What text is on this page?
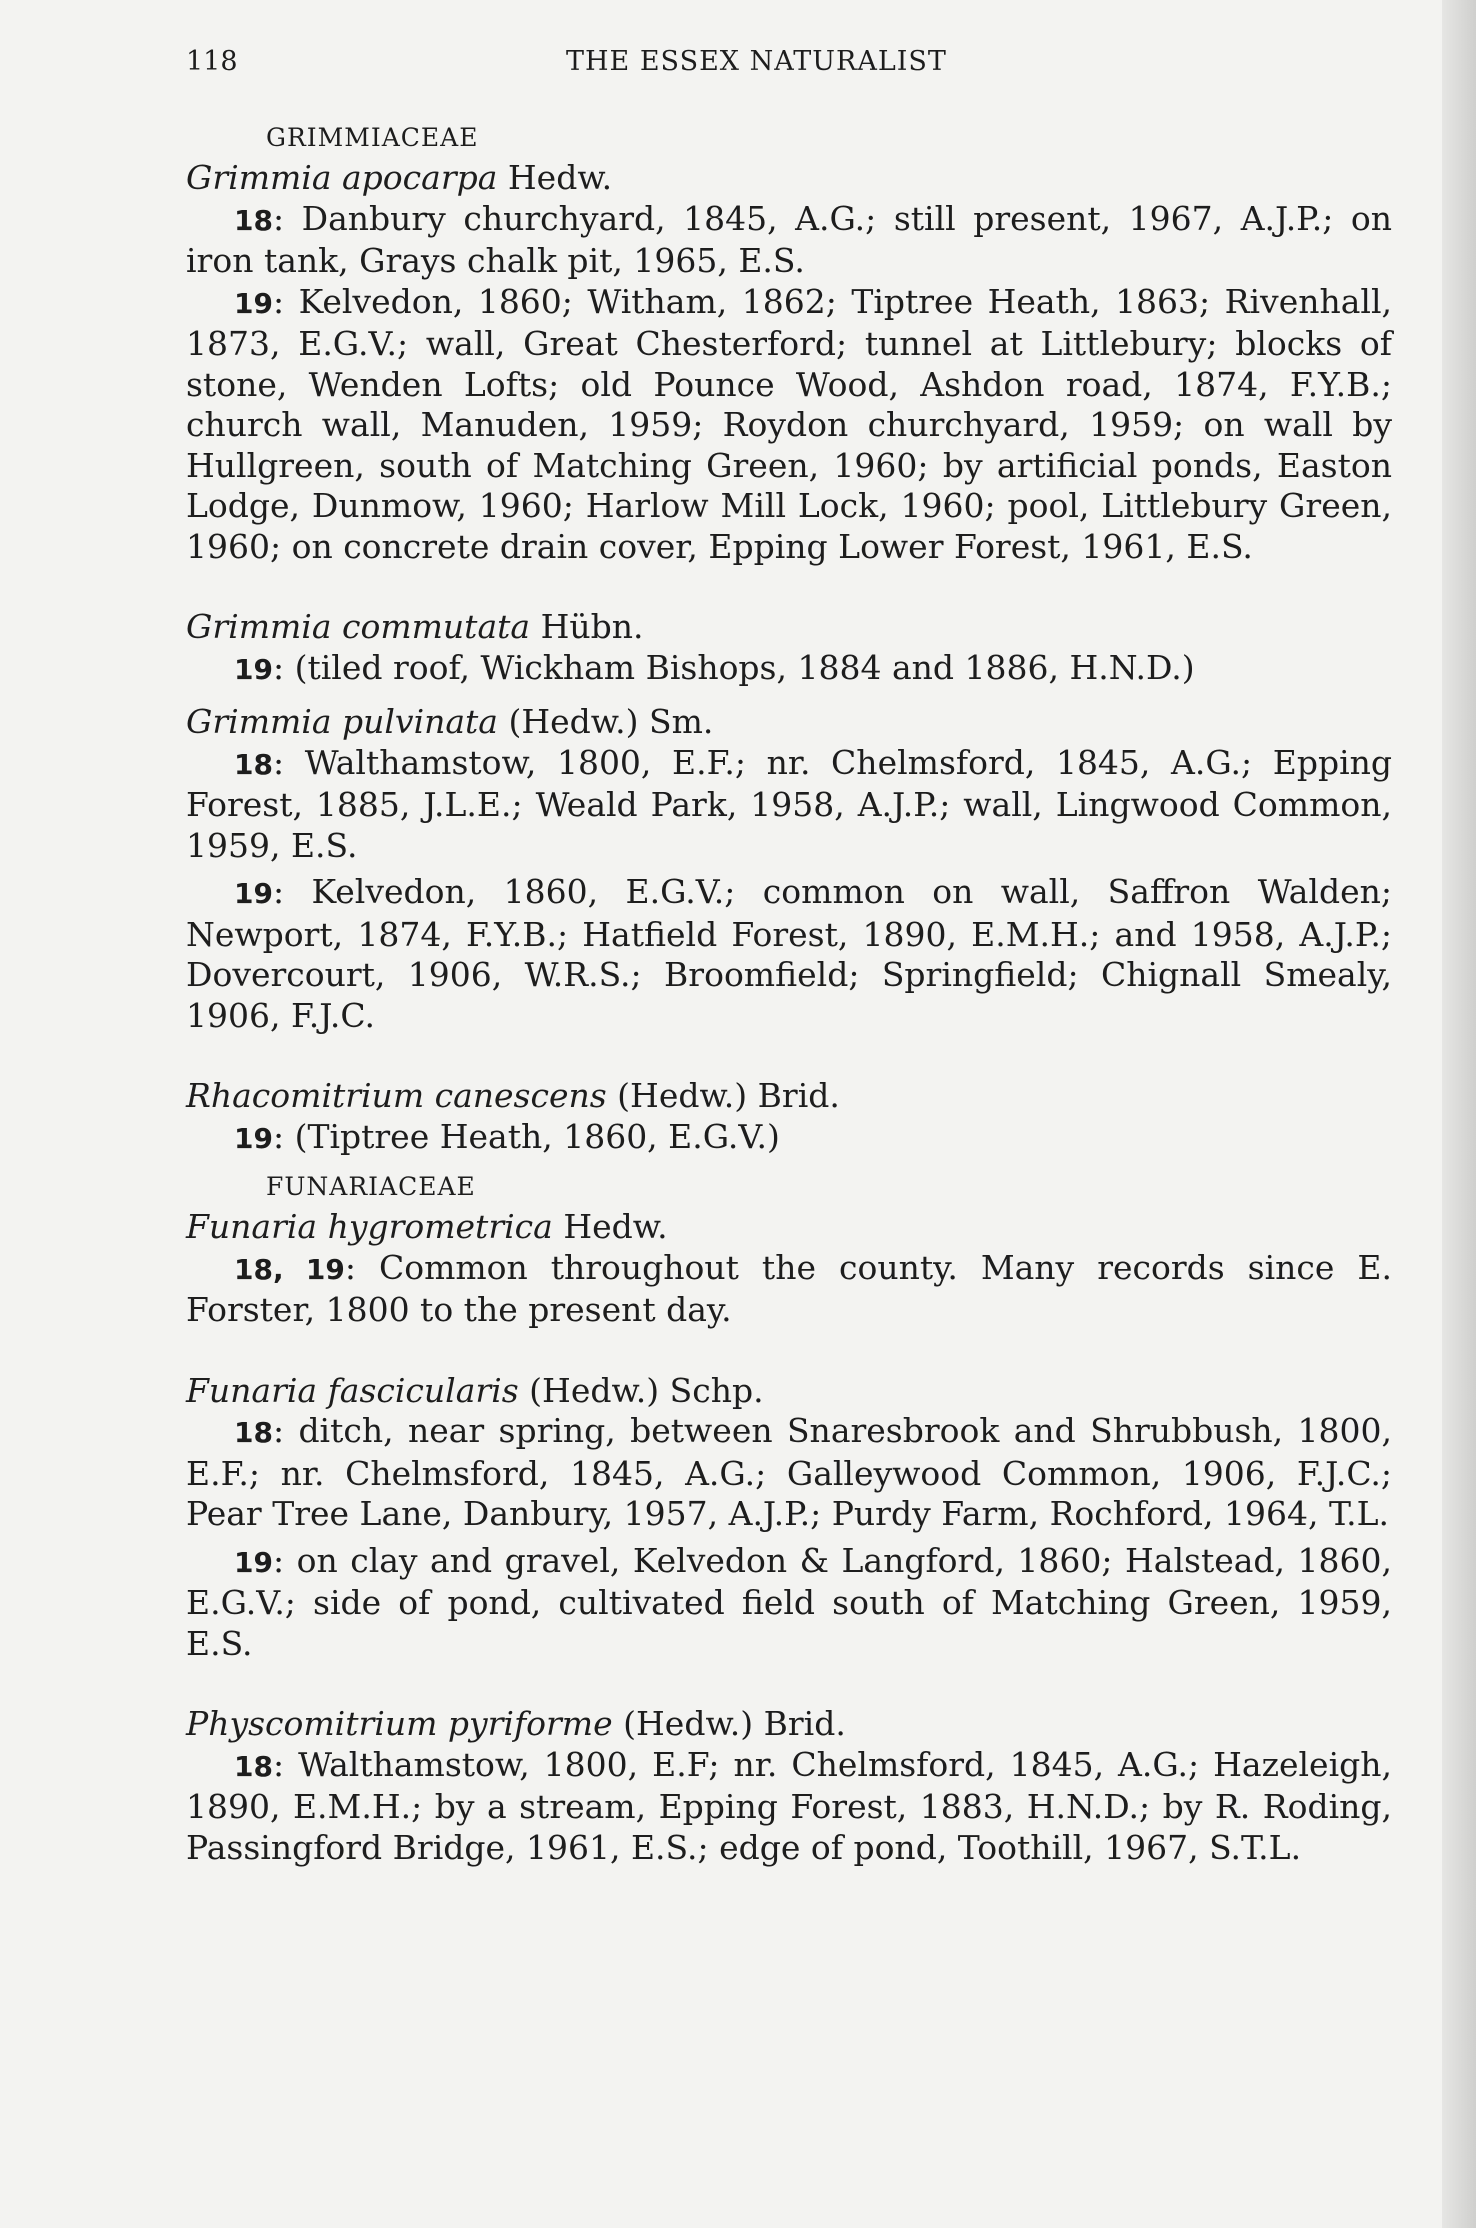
118	THE ESSEX NATURALIST
GRIMMIACEAE
Grimmia apocarpa Hedw.
18: Danbury churchyard, 1845, A.G.; still present, 1967, A.J.P.; on iron tank, Grays chalk pit, 1965, E.S.
19: Kelvedon, 1860; Witham, 1862; Tiptree Heath, 1863; Rivenhall, 1873, E.G.V.; wall, Great Chesterford; tunnel at Littlebury; blocks of stone, Wenden Lofts; old Pounce Wood, Ashdon road, 1874, F.Y.B.; church wall, Manuden, 1959; Roydon churchyard, 1959; on wall by Hullgreen, south of Matching Green, 1960; by artificial ponds, Easton Lodge, Dunmow, 1960; Harlow Mill Lock, 1960; pool, Littlebury Green, 1960; on concrete drain cover, Epping Lower Forest, 1961, E.S.
Grimmia commutata Hübn.
19: (tiled roof, Wickham Bishops, 1884 and 1886, H.N.D.)
Grimmia pulvinata (Hedw.) Sm.
18: Walthamstow, 1800, E.F.; nr. Chelmsford, 1845, A.G.; Epping Forest, 1885, J.L.E.; Weald Park, 1958, A.J.P.; wall, Lingwood Common, 1959, E.S.
19: Kelvedon, 1860, E.G.V.; common on wall, Saffron Walden; Newport, 1874, F.Y.B.; Hatfield Forest, 1890, E.M.H.; and 1958, A.J.P.; Dovercourt, 1906, W.R.S.; Broomfield; Springfield; Chignall Smealy, 1906, F.J.C.
Rhacomitrium canescens (Hedw.) Brid.
19: (Tiptree Heath, 1860, E.G.V.)
FUNARIACEAE
Funaria hygrometrica Hedw.
18, 19: Common throughout the county. Many records since E. Forster, 1800 to the present day.
Funaria fascicularis (Hedw.) Schp.
18: ditch, near spring, between Snaresbrook and Shrubbush, 1800, E.F.; nr. Chelmsford, 1845, A.G.; Galleywood Common, 1906, F.J.C.; Pear Tree Lane, Danbury, 1957, A.J.P.; Purdy Farm, Rochford, 1964, T.L.
19: on clay and gravel, Kelvedon & Langford, 1860; Halstead, 1860, E.G.V.; side of pond, cultivated field south of Matching Green, 1959, E.S.
Physcomitrium pyriforme (Hedw.) Brid.
18: Walthamstow, 1800, E.F; nr. Chelmsford, 1845, A.G.; Hazeleigh, 1890, E.M.H.; by a stream, Epping Forest, 1883, H.N.D.; by R. Roding, Passingford Bridge, 1961, E.S.; edge of pond, Toothill, 1967, S.T.L.
